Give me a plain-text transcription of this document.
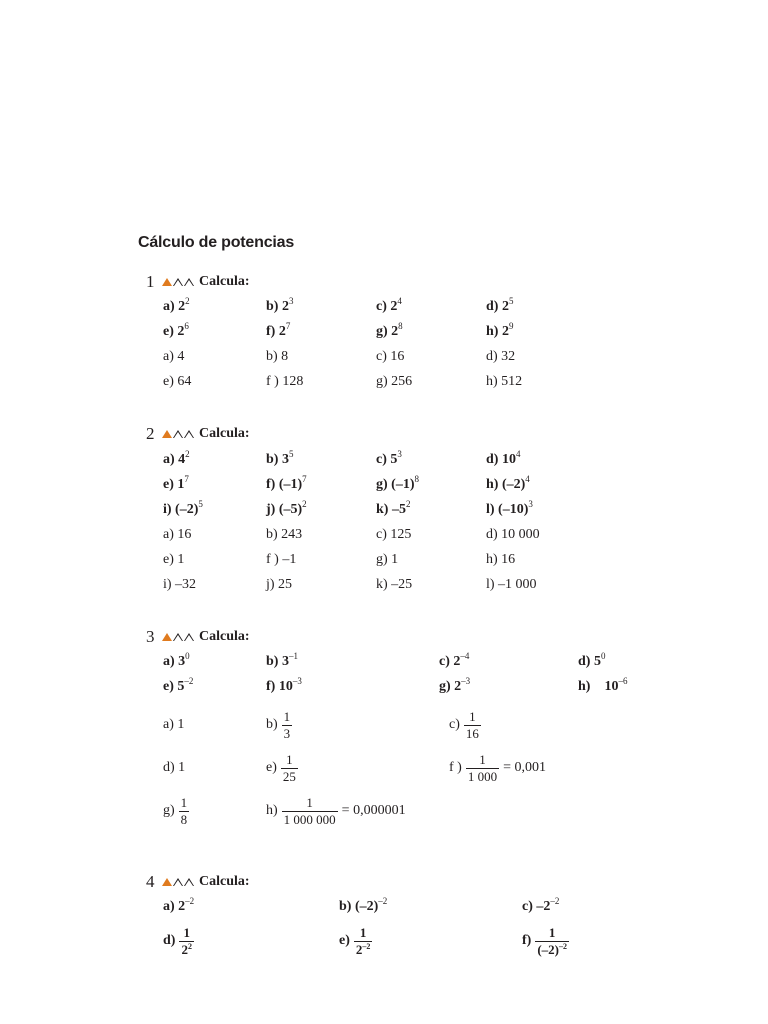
Cálculo de potencias
1	Calcula:
a) $2^2$	b) $2^3$	c) $2^4$	d) $2^5$
e) $2^6$	f) $2^7$	g) $2^8$	h) $2^9$
a) 4	b) 8	c) 16	d) 32
e) 64	f ) 128	g) 256	h) 512
2	Calcula:
a) $4^2$	b) $3^5$	c) $5^3$	d) $10^4$
e) $1^7$	f) $(-1)^7$	g) $(-1)^8$	h) $(-2)^4$
i) $(-2)^5$	j) $(-5)^2$	k) $-5^2$	l) $(-10)^3$
a) 16	b) 243	c) 125	d) 10 000
e) 1	f ) –1	g) 1	h) 16
i) –32	j) 25	k) –25	l) –1 000
3	Calcula:
a) $3^0$	b) $3^{-1}$	c) $2^{-4}$	d) $5^0$
e) $5^{-2}$	f) $10^{-3}$	g) $2^{-3}$	h)    $10^{-6}$
a) 1	$b) \frac{1}{3}$	$c) \frac{1}{16}$
d) 1	$e) \frac{1}{25}$	f ) $\frac{1}{1 000} = 0,001$
$g) \frac{1}{8}$	$h) \frac{1}{1 000 000} = 0,000001$
4	Calcula:
a) $2^{-2}$	b) $(-2)^{-2}$	c) $-2^{-2}$
$d) \frac{1}{2^2}$	$e) \frac{1}{2^{-2}}$	$f) \frac{1}{(-2)^{-2}}$
